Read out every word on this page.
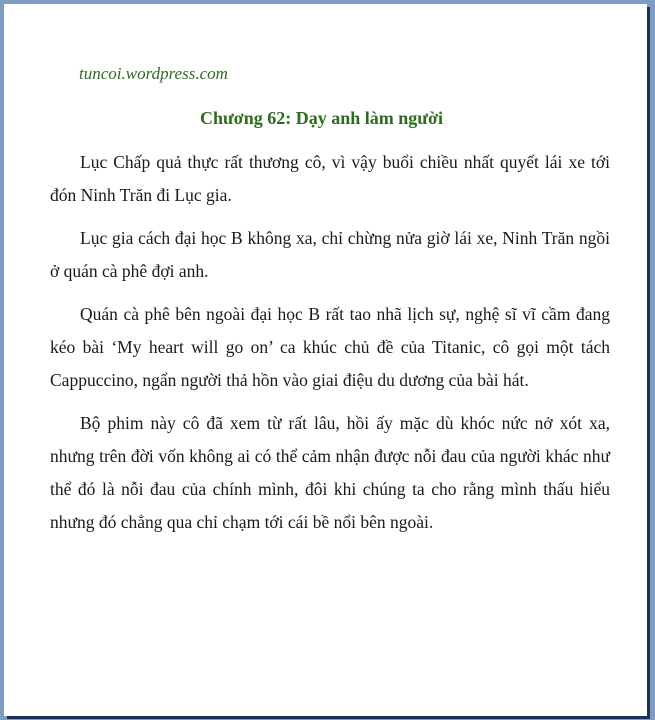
tuncoi.wordpress.com

Chương 62: Dạy anh làm người

Lục Chấp quả thực rất thương cô, vì vậy buổi chiều nhất quyết lái xe tới đón Ninh Trăn đi Lục gia.

Lục gia cách đại học B không xa, chỉ chừng nửa giờ lái xe, Ninh Trăn ngồi ở quán cà phê đợi anh.

Quán cà phê bên ngoài đại học B rất tao nhã lịch sự, nghệ sĩ vĩ cầm đang kéo bài ‘My heart will go on’ ca khúc chủ đề của Titanic, cô gọi một tách Cappuccino, ngẩn người thả hồn vào giai điệu du dương của bài hát.

Bộ phim này cô đã xem từ rất lâu, hồi ấy mặc dù khóc nức nở xót xa, nhưng trên đời vốn không ai có thể cảm nhận được nỗi đau của người khác như thể đó là nỗi đau của chính mình, đôi khi chúng ta cho rằng mình thấu hiểu nhưng đó chẳng qua chỉ chạm tới cái bề nổi bên ngoài.
